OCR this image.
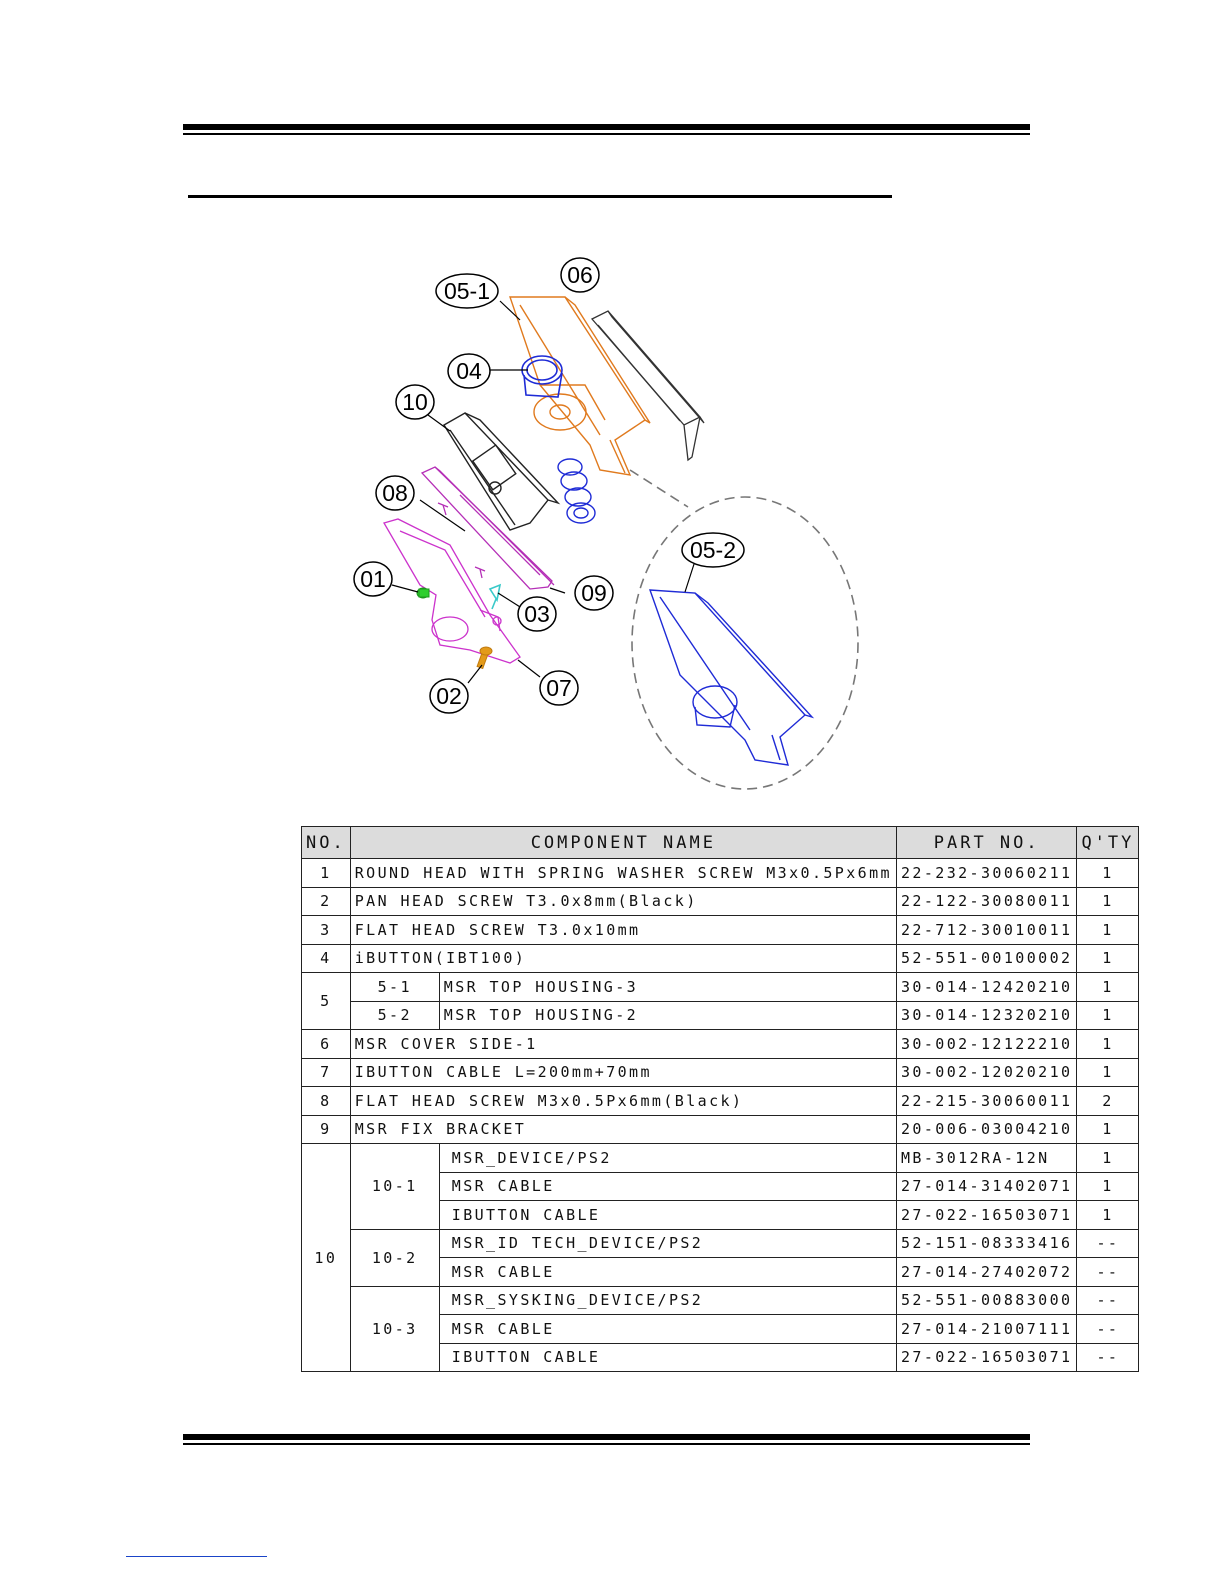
05-1
06
04
10
08
01
09
03
02	07
05-2
NO.	COMPONENT NAME		PART NO.	Q'TY
1	ROUND HEAD WITH SPRING WASHER SCREW M3x0.5Px6mm		22-232-30060211	1
2	PAN HEAD SCREW T3.0x8mm(Black)		22-122-30080011	1
3	FLAT HEAD SCREW T3.0x10mm		22-712-30010011	1
4	iBUTTON(IBT100)		52-551-00100002	1
5	5-1	MSR TOP HOUSING-3	30-014-12420210	1
	5-2	MSR TOP HOUSING-2	30-014-12320210	1
6	MSR COVER SIDE-1		30-002-12122210	1
7	IBUTTON CABLE L=200mm+70mm		30-002-12020210	1
8	FLAT HEAD SCREW M3x0.5Px6mm(Black)		22-215-30060011	2
9	MSR FIX BRACKET		20-006-03004210	1
10	10-1	MSR_DEVICE/PS2	MB-3012RA-12N	1
		MSR CABLE	27-014-31402071	1
		IBUTTON CABLE	27-022-16503071	1
	10-2	MSR_ID TECH_DEVICE/PS2	52-151-08333416	--
		MSR CABLE	27-014-27402072	--
	10-3	MSR_SYSKING_DEVICE/PS2	52-551-00883000	--
		MSR CABLE	27-014-21007111	--
		IBUTTON CABLE	27-022-16503071	--
